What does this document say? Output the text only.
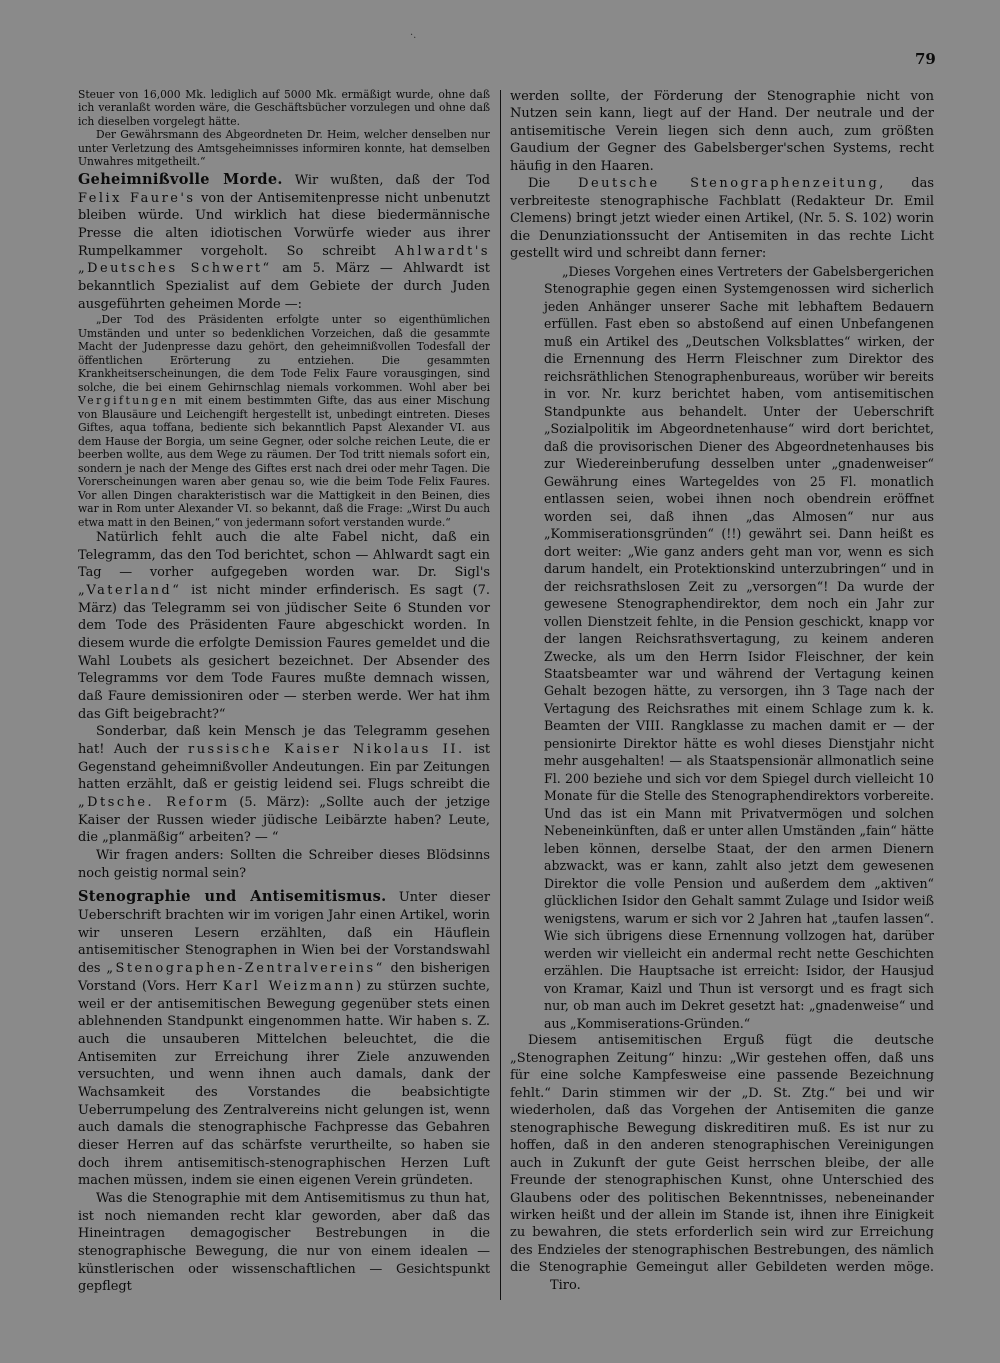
·.
79

Steuer von 16,000 Mk. lediglich auf 5000 Mk. ermäßigt wurde, ohne daß ich veranlaßt worden wäre, die Geschäftsbücher vorzulegen und ohne daß ich dieselben vorgelegt hätte.

Der Gewährsmann des Abgeordneten Dr. Heim, welcher denselben nur unter Verletzung des Amtsgeheimnisses informiren konnte, hat demselben Unwahres mitgetheilt.“

Geheimnißvolle Morde. Wir wußten, daß der Tod Felix Faure's von der Antisemitenpresse nicht unbenutzt bleiben würde. Und wirklich hat diese biedermännische Presse die alten idiotischen Vorwürfe wieder aus ihrer Rumpelkammer vorgeholt. So schreibt Ahlwardt's „Deutsches Schwert“ am 5. März — Ahlwardt ist bekanntlich Spezialist auf dem Gebiete der durch Juden ausgeführten geheimen Morde —:

„Der Tod des Präsidenten erfolgte unter so eigenthümlichen Umständen und unter so bedenklichen Vorzeichen, daß die gesammte Macht der Judenpresse dazu gehört, den geheimnißvollen Todesfall der öffentlichen Erörterung zu entziehen. Die gesammten Krankheitserscheinungen, die dem Tode Felix Faure vorausgingen, sind solche, die bei einem Gehirnschlag niemals vorkommen. Wohl aber bei Vergiftungen mit einem bestimmten Gifte, das aus einer Mischung von Blausäure und Leichengift hergestellt ist, unbedingt eintreten. Dieses Giftes, aqua toffana, bediente sich bekanntlich Papst Alexander VI. aus dem Hause der Borgia, um seine Gegner, oder solche reichen Leute, die er beerben wollte, aus dem Wege zu räumen. Der Tod tritt niemals sofort ein, sondern je nach der Menge des Giftes erst nach drei oder mehr Tagen. Die Vorerscheinungen waren aber genau so, wie die beim Tode Felix Faures. Vor allen Dingen charakteristisch war die Mattigkeit in den Beinen, dies war in Rom unter Alexander VI. so bekannt, daß die Frage: „Wirst Du auch etwa matt in den Beinen,“ von jedermann sofort verstanden wurde.“

Natürlich fehlt auch die alte Fabel nicht, daß ein Telegramm, das den Tod berichtet, schon — Ahlwardt sagt ein Tag — vorher aufgegeben worden war. Dr. Sigl's „Vaterland“ ist nicht minder erfinderisch. Es sagt (7. März) das Telegramm sei von jüdischer Seite 6 Stunden vor dem Tode des Präsidenten Faure abgeschickt worden. In diesem wurde die erfolgte Demission Faures gemeldet und die Wahl Loubets als gesichert bezeichnet. Der Absender des Telegramms vor dem Tode Faures mußte demnach wissen, daß Faure demissioniren oder — sterben werde. Wer hat ihm das Gift beigebracht?“

Sonderbar, daß kein Mensch je das Telegramm gesehen hat! Auch der russische Kaiser Nikolaus II. ist Gegenstand geheimnißvoller Andeutungen. Ein par Zeitungen hatten erzählt, daß er geistig leidend sei. Flugs schreibt die „Dtsche. Reform (5. März): „Sollte auch der jetzige Kaiser der Russen wieder jüdische Leibärzte haben? Leute, die „planmäßig“ arbeiten? — “

Wir fragen anders: Sollten die Schreiber dieses Blödsinns noch geistig normal sein?

Stenographie und Antisemitismus. Unter dieser Ueberschrift brachten wir im vorigen Jahr einen Artikel, worin wir unseren Lesern erzählten, daß ein Häuflein antisemitischer Stenographen in Wien bei der Vorstandswahl des „Stenographen-Zentralvereins“ den bisherigen Vorstand (Vors. Herr Karl Weizmann) zu stürzen suchte, weil er der antisemitischen Bewegung gegenüber stets einen ablehnenden Standpunkt eingenommen hatte. Wir haben s. Z. auch die unsauberen Mittelchen beleuchtet, die die Antisemiten zur Erreichung ihrer Ziele anzuwenden versuchten, und wenn ihnen auch damals, dank der Wachsamkeit des Vorstandes die beabsichtigte Ueberrumpelung des Zentralvereins nicht gelungen ist, wenn auch damals die stenographische Fachpresse das Gebahren dieser Herren auf das schärfste verurtheilte, so haben sie doch ihrem antisemitisch-stenographischen Herzen Luft machen müssen, indem sie einen eigenen Verein gründeten.

Was die Stenographie mit dem Antisemitismus zu thun hat, ist noch niemanden recht klar geworden, aber daß das Hineintragen demagogischer Bestrebungen in die stenographische Bewegung, die nur von einem idealen — künstlerischen oder wissenschaftlichen — Gesichtspunkt gepflegt

werden sollte, der Förderung der Stenographie nicht von Nutzen sein kann, liegt auf der Hand. Der neutrale und der antisemitische Verein liegen sich denn auch, zum größten Gaudium der Gegner des Gabelsberger'schen Systems, recht häufig in den Haaren.

Die Deutsche Stenographenzeitung, das verbreiteste stenographische Fachblatt (Redakteur Dr. Emil Clemens) bringt jetzt wieder einen Artikel, (Nr. 5. S. 102) worin die Denunziationssucht der Antisemiten in das rechte Licht gestellt wird und schreibt dann ferner:

„Dieses Vorgehen eines Vertreters der Gabelsbergerichen Stenographie gegen einen Systemgenossen wird sicherlich jeden Anhänger unserer Sache mit lebhaftem Bedauern erfüllen. Fast eben so abstoßend auf einen Unbefangenen muß ein Artikel des „Deutschen Volksblattes“ wirken, der die Ernennung des Herrn Fleischner zum Direktor des reichsräthlichen Stenographenbureaus, worüber wir bereits in vor. Nr. kurz berichtet haben, vom antisemitischen Standpunkte aus behandelt. Unter der Ueberschrift „Sozialpolitik im Abgeordnetenhause“ wird dort berichtet, daß die provisorischen Diener des Abgeordnetenhauses bis zur Wiedereinberufung desselben unter „gnadenweiser“ Gewährung eines Wartegeldes von 25 Fl. monatlich entlassen seien, wobei ihnen noch obendrein eröffnet worden sei, daß ihnen „das Almosen“ nur aus „Kommiserationsgründen“ (!!) gewährt sei. Dann heißt es dort weiter: „Wie ganz anders geht man vor, wenn es sich darum handelt, ein Protektionskind unterzubringen“ und in der reichsrathslosen Zeit zu „versorgen“! Da wurde der gewesene Stenographendirektor, dem noch ein Jahr zur vollen Dienstzeit fehlte, in die Pension geschickt, knapp vor der langen Reichsrathsvertagung, zu keinem anderen Zwecke, als um den Herrn Isidor Fleischner, der kein Staatsbeamter war und während der Vertagung keinen Gehalt bezogen hätte, zu versorgen, ihn 3 Tage nach der Vertagung des Reichsrathes mit einem Schlage zum k. k. Beamten der VIII. Rangklasse zu machen damit er — der pensionirte Direktor hätte es wohl dieses Dienstjahr nicht mehr ausgehalten! — als Staatspensionär allmonatlich seine Fl. 200 beziehe und sich vor dem Spiegel durch vielleicht 10 Monate für die Stelle des Stenographendirektors vorbereite. Und das ist ein Mann mit Privatvermögen und solchen Nebeneinkünften, daß er unter allen Umständen „fain“ hätte leben können, derselbe Staat, der den armen Dienern abzwackt, was er kann, zahlt also jetzt dem gewesenen Direktor die volle Pension und außerdem dem „aktiven“ glücklichen Isidor den Gehalt sammt Zulage und Isidor weiß wenigstens, warum er sich vor 2 Jahren hat „taufen lassen“. Wie sich übrigens diese Ernennung vollzogen hat, darüber werden wir vielleicht ein andermal recht nette Geschichten erzählen. Die Hauptsache ist erreicht: Isidor, der Hausjud von Kramar, Kaizl und Thun ist versorgt und es fragt sich nur, ob man auch im Dekret gesetzt hat: „gnadenweise“ und aus „Kommiserations-Gründen.“

Diesem antisemitischen Erguß fügt die deutsche „Stenographen Zeitung“ hinzu: „Wir gestehen offen, daß uns für eine solche Kampfesweise eine passende Bezeichnung fehlt.“ Darin stimmen wir der „D. St. Ztg.“ bei und wir wiederholen, daß das Vorgehen der Antisemiten die ganze stenographische Bewegung diskreditiren muß. Es ist nur zu hoffen, daß in den anderen stenographischen Vereinigungen auch in Zukunft der gute Geist herrschen bleibe, der alle Freunde der stenographischen Kunst, ohne Unterschied des Glaubens oder des politischen Bekenntnisses, nebeneinander wirken heißt und der allein im Stande ist, ihnen ihre Einigkeit zu bewahren, die stets erforderlich sein wird zur Erreichung des Endzieles der stenographischen Bestrebungen, des nämlich die Stenographie Gemeingut aller Gebildeten werden möge. Tiro.
